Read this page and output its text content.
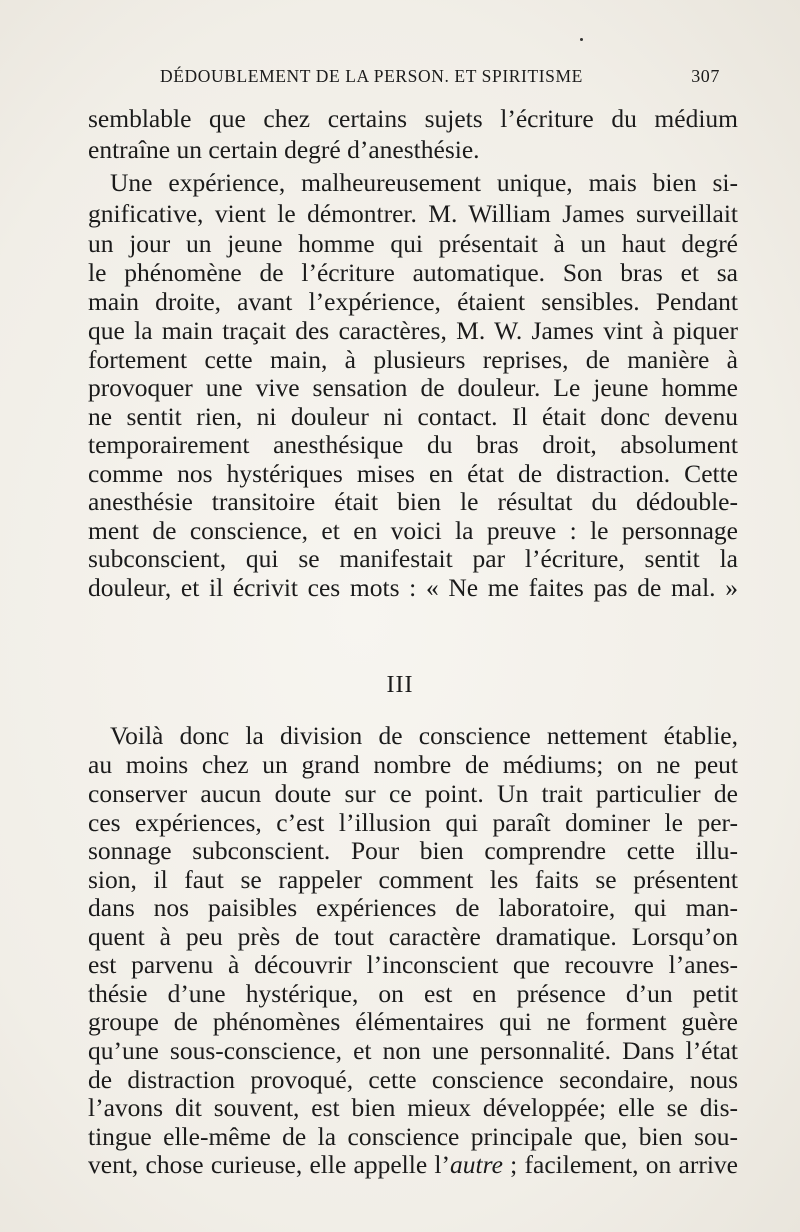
DÉDOUBLEMENT DE LA PERSON. ET SPIRITISME	307
semblable que chez certains sujets l’écriture du médium
entraîne un certain degré d’anesthésie.
Une expérience, malheureusement unique, mais bien si-
gnificative, vient le démontrer. M. William James surveillait
un jour un jeune homme qui présentait à un haut degré
le phénomène de l’écriture automatique. Son bras et sa
main droite, avant l’expérience, étaient sensibles. Pendant
que la main traçait des caractères, M. W. James vint à piquer
fortement cette main, à plusieurs reprises, de manière à
provoquer une vive sensation de douleur. Le jeune homme
ne sentit rien, ni douleur ni contact. Il était donc devenu
temporairement anesthésique du bras droit, absolument
comme nos hystériques mises en état de distraction. Cette
anesthésie transitoire était bien le résultat du dédouble-
ment de conscience, et en voici la preuve : le personnage
subconscient, qui se manifestait par l’écriture, sentit la
douleur, et il écrivit ces mots : « Ne me faites pas de mal. »
III
Voilà donc la division de conscience nettement établie,
au moins chez un grand nombre de médiums; on ne peut
conserver aucun doute sur ce point. Un trait particulier de
ces expériences, c’est l’illusion qui paraît dominer le per-
sonnage subconscient. Pour bien comprendre cette illu-
sion, il faut se rappeler comment les faits se présentent
dans nos paisibles expériences de laboratoire, qui man-
quent à peu près de tout caractère dramatique. Lorsqu’on
est parvenu à découvrir l’inconscient que recouvre l’anes-
thésie d’une hystérique, on est en présence d’un petit
groupe de phénomènes élémentaires qui ne forment guère
qu’une sous-conscience, et non une personnalité. Dans l’état
de distraction provoqué, cette conscience secondaire, nous
l’avons dit souvent, est bien mieux développée; elle se dis-
tingue elle-même de la conscience principale que, bien sou-
vent, chose curieuse, elle appelle l’autre ; facilement, on arrive
